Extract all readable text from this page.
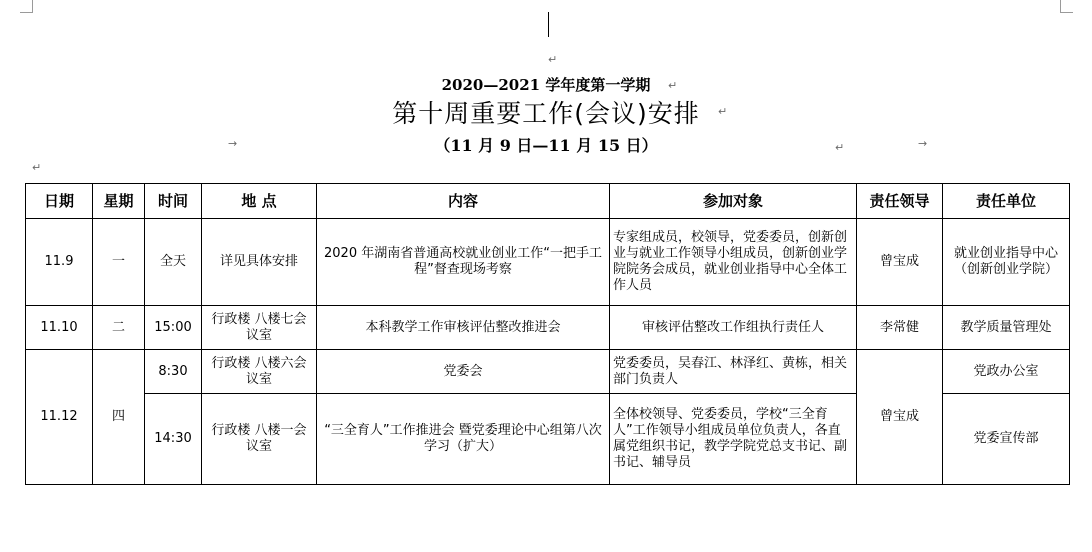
↵
↵
↵
↵
↵
→	→
2020—2021 学年度第一学期
第十周重要工作(会议)安排
（11 月 9 日—11 月 15 日）
日期	星期	时间	地 点	内容	参加对象	责任领导	责任单位
11.9	一	全天	详见具体安排	2020 年湖南省普通高校就业创业工作“一把手工程”督查现场考察	专家组成员，校领导，党委委员，创新创业与就业工作领导小组成员，创新创业学院院务会成员，就业创业指导中心全体工作人员	曾宝成	就业创业指导中心（创新创业学院）
11.10	二	15:00	行政楼 八楼七会议室	本科教学工作审核评估整改推进会	审核评估整改工作组执行责任人	李常健	教学质量管理处
11.12	四	8:30	行政楼 八楼六会议室	党委会	党委委员，吴春江、林泽红、黄栋，相关部门负责人	曾宝成	党政办公室
		14:30	行政楼 八楼一会议室	“三全育人”工作推进会 暨党委理论中心组第八次学习（扩大）	全体校领导、党委委员，学校“三全育人”工作领导小组成员单位负责人，各直属党组织书记，教学学院党总支书记、副书记、辅导员		党委宣传部
